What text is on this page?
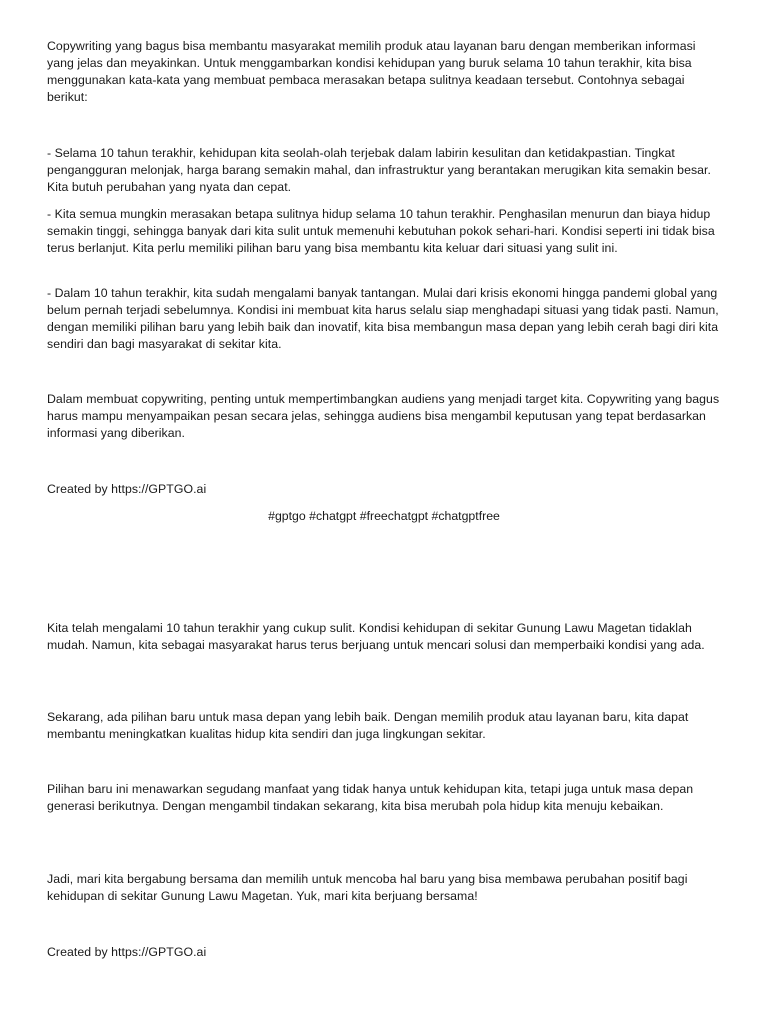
Copywriting yang bagus bisa membantu masyarakat memilih produk atau layanan baru dengan memberikan informasi yang jelas dan meyakinkan. Untuk menggambarkan kondisi kehidupan yang buruk selama 10 tahun terakhir, kita bisa menggunakan kata-kata yang membuat pembaca merasakan betapa sulitnya keadaan tersebut. Contohnya sebagai berikut:

- Selama 10 tahun terakhir, kehidupan kita seolah-olah terjebak dalam labirin kesulitan dan ketidakpastian. Tingkat pengangguran melonjak, harga barang semakin mahal, dan infrastruktur yang berantakan merugikan kita semakin besar. Kita butuh perubahan yang nyata dan cepat.

- Kita semua mungkin merasakan betapa sulitnya hidup selama 10 tahun terakhir. Penghasilan menurun dan biaya hidup semakin tinggi, sehingga banyak dari kita sulit untuk memenuhi kebutuhan pokok sehari-hari. Kondisi seperti ini tidak bisa terus berlanjut. Kita perlu memiliki pilihan baru yang bisa membantu kita keluar dari situasi yang sulit ini.

- Dalam 10 tahun terakhir, kita sudah mengalami banyak tantangan. Mulai dari krisis ekonomi hingga pandemi global yang belum pernah terjadi sebelumnya. Kondisi ini membuat kita harus selalu siap menghadapi situasi yang tidak pasti. Namun, dengan memiliki pilihan baru yang lebih baik dan inovatif, kita bisa membangun masa depan yang lebih cerah bagi diri kita sendiri dan bagi masyarakat di sekitar kita.

Dalam membuat copywriting, penting untuk mempertimbangkan audiens yang menjadi target kita. Copywriting yang bagus harus mampu menyampaikan pesan secara jelas, sehingga audiens bisa mengambil keputusan yang tepat berdasarkan informasi yang diberikan.

Created by https://GPTGO.ai

#gptgo #chatgpt #freechatgpt #chatgptfree

Kita telah mengalami 10 tahun terakhir yang cukup sulit. Kondisi kehidupan di sekitar Gunung Lawu Magetan tidaklah mudah. Namun, kita sebagai masyarakat harus terus berjuang untuk mencari solusi dan memperbaiki kondisi yang ada.

Sekarang, ada pilihan baru untuk masa depan yang lebih baik. Dengan memilih produk atau layanan baru, kita dapat membantu meningkatkan kualitas hidup kita sendiri dan juga lingkungan sekitar.

Pilihan baru ini menawarkan segudang manfaat yang tidak hanya untuk kehidupan kita, tetapi juga untuk masa depan generasi berikutnya. Dengan mengambil tindakan sekarang, kita bisa merubah pola hidup kita menuju kebaikan.

Jadi, mari kita bergabung bersama dan memilih untuk mencoba hal baru yang bisa membawa perubahan positif bagi kehidupan di sekitar Gunung Lawu Magetan. Yuk, mari kita berjuang bersama!

Created by https://GPTGO.ai
